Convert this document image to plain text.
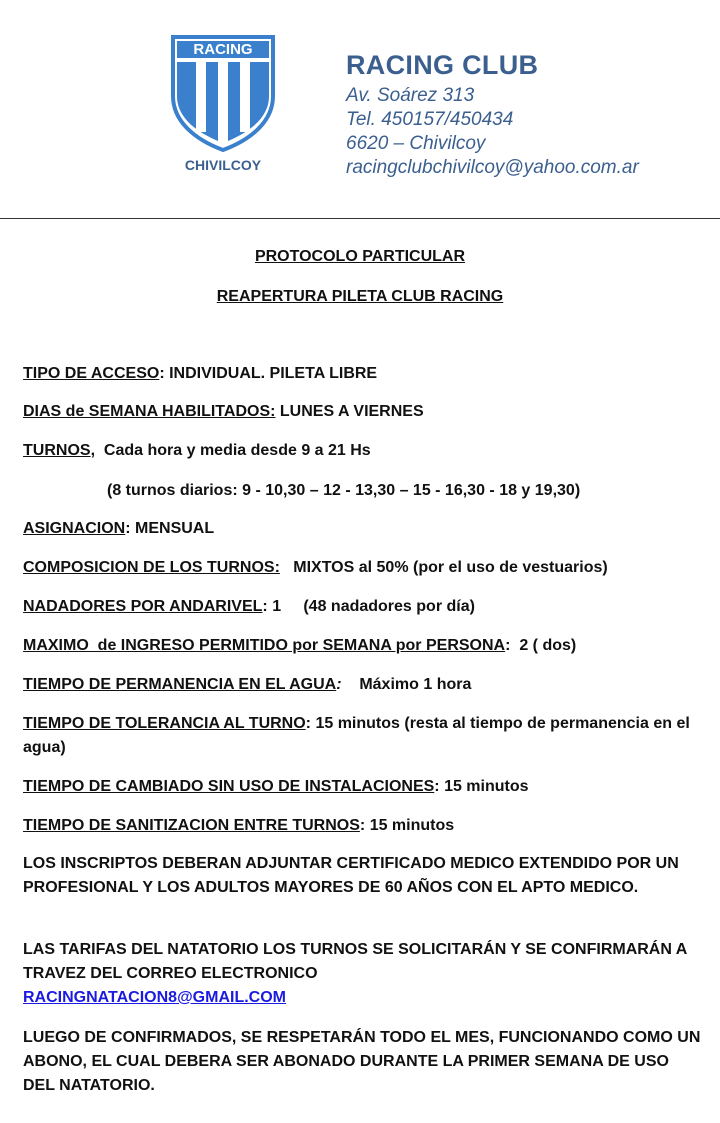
RACING
CHIVILCOY
RACING CLUB
Av. Soárez 313
Tel. 450157/450434
6620 – Chivilcoy
racingclubchivilcoy@yahoo.com.ar
PROTOCOLO PARTICULAR
REAPERTURA PILETA CLUB RACING
TIPO DE ACCESO: INDIVIDUAL. PILETA LIBRE
DIAS de SEMANA HABILITADOS: LUNES A VIERNES
TURNOS,  Cada hora y media desde 9 a 21 Hs
(8 turnos diarios: 9 - 10,30 – 12 - 13,30 – 15 - 16,30 - 18 y 19,30)
ASIGNACION: MENSUAL
COMPOSICION DE LOS TURNOS: MIXTOS al 50% (por el uso de vestuarios)
NADADORES POR ANDARIVEL: 1 (48 nadadores por día)
MAXIMO  de INGRESO PERMITIDO por SEMANA por PERSONA:  2 ( dos)
TIEMPO DE PERMANENCIA EN EL AGUA: Máximo 1 hora
TIEMPO DE TOLERANCIA AL TURNO: 15 minutos (resta al tiempo de permanencia en el agua)
TIEMPO DE CAMBIADO SIN USO DE INSTALACIONES: 15 minutos
TIEMPO DE SANITIZACION ENTRE TURNOS: 15 minutos
LOS INSCRIPTOS DEBERAN ADJUNTAR CERTIFICADO MEDICO EXTENDIDO POR UN PROFESIONAL Y LOS ADULTOS MAYORES DE 60 AÑOS CON EL APTO MEDICO.
LAS TARIFAS DEL NATATORIO LOS TURNOS SE SOLICITARÁN Y SE CONFIRMARÁN A TRAVEZ DEL CORREO ELECTRONICO
RACINGNATACION8@GMAIL.COM
LUEGO DE CONFIRMADOS, SE RESPETARÁN TODO EL MES, FUNCIONANDO COMO UN ABONO, EL CUAL DEBERA SER ABONADO DURANTE LA PRIMER SEMANA DE USO DEL NATATORIO.
